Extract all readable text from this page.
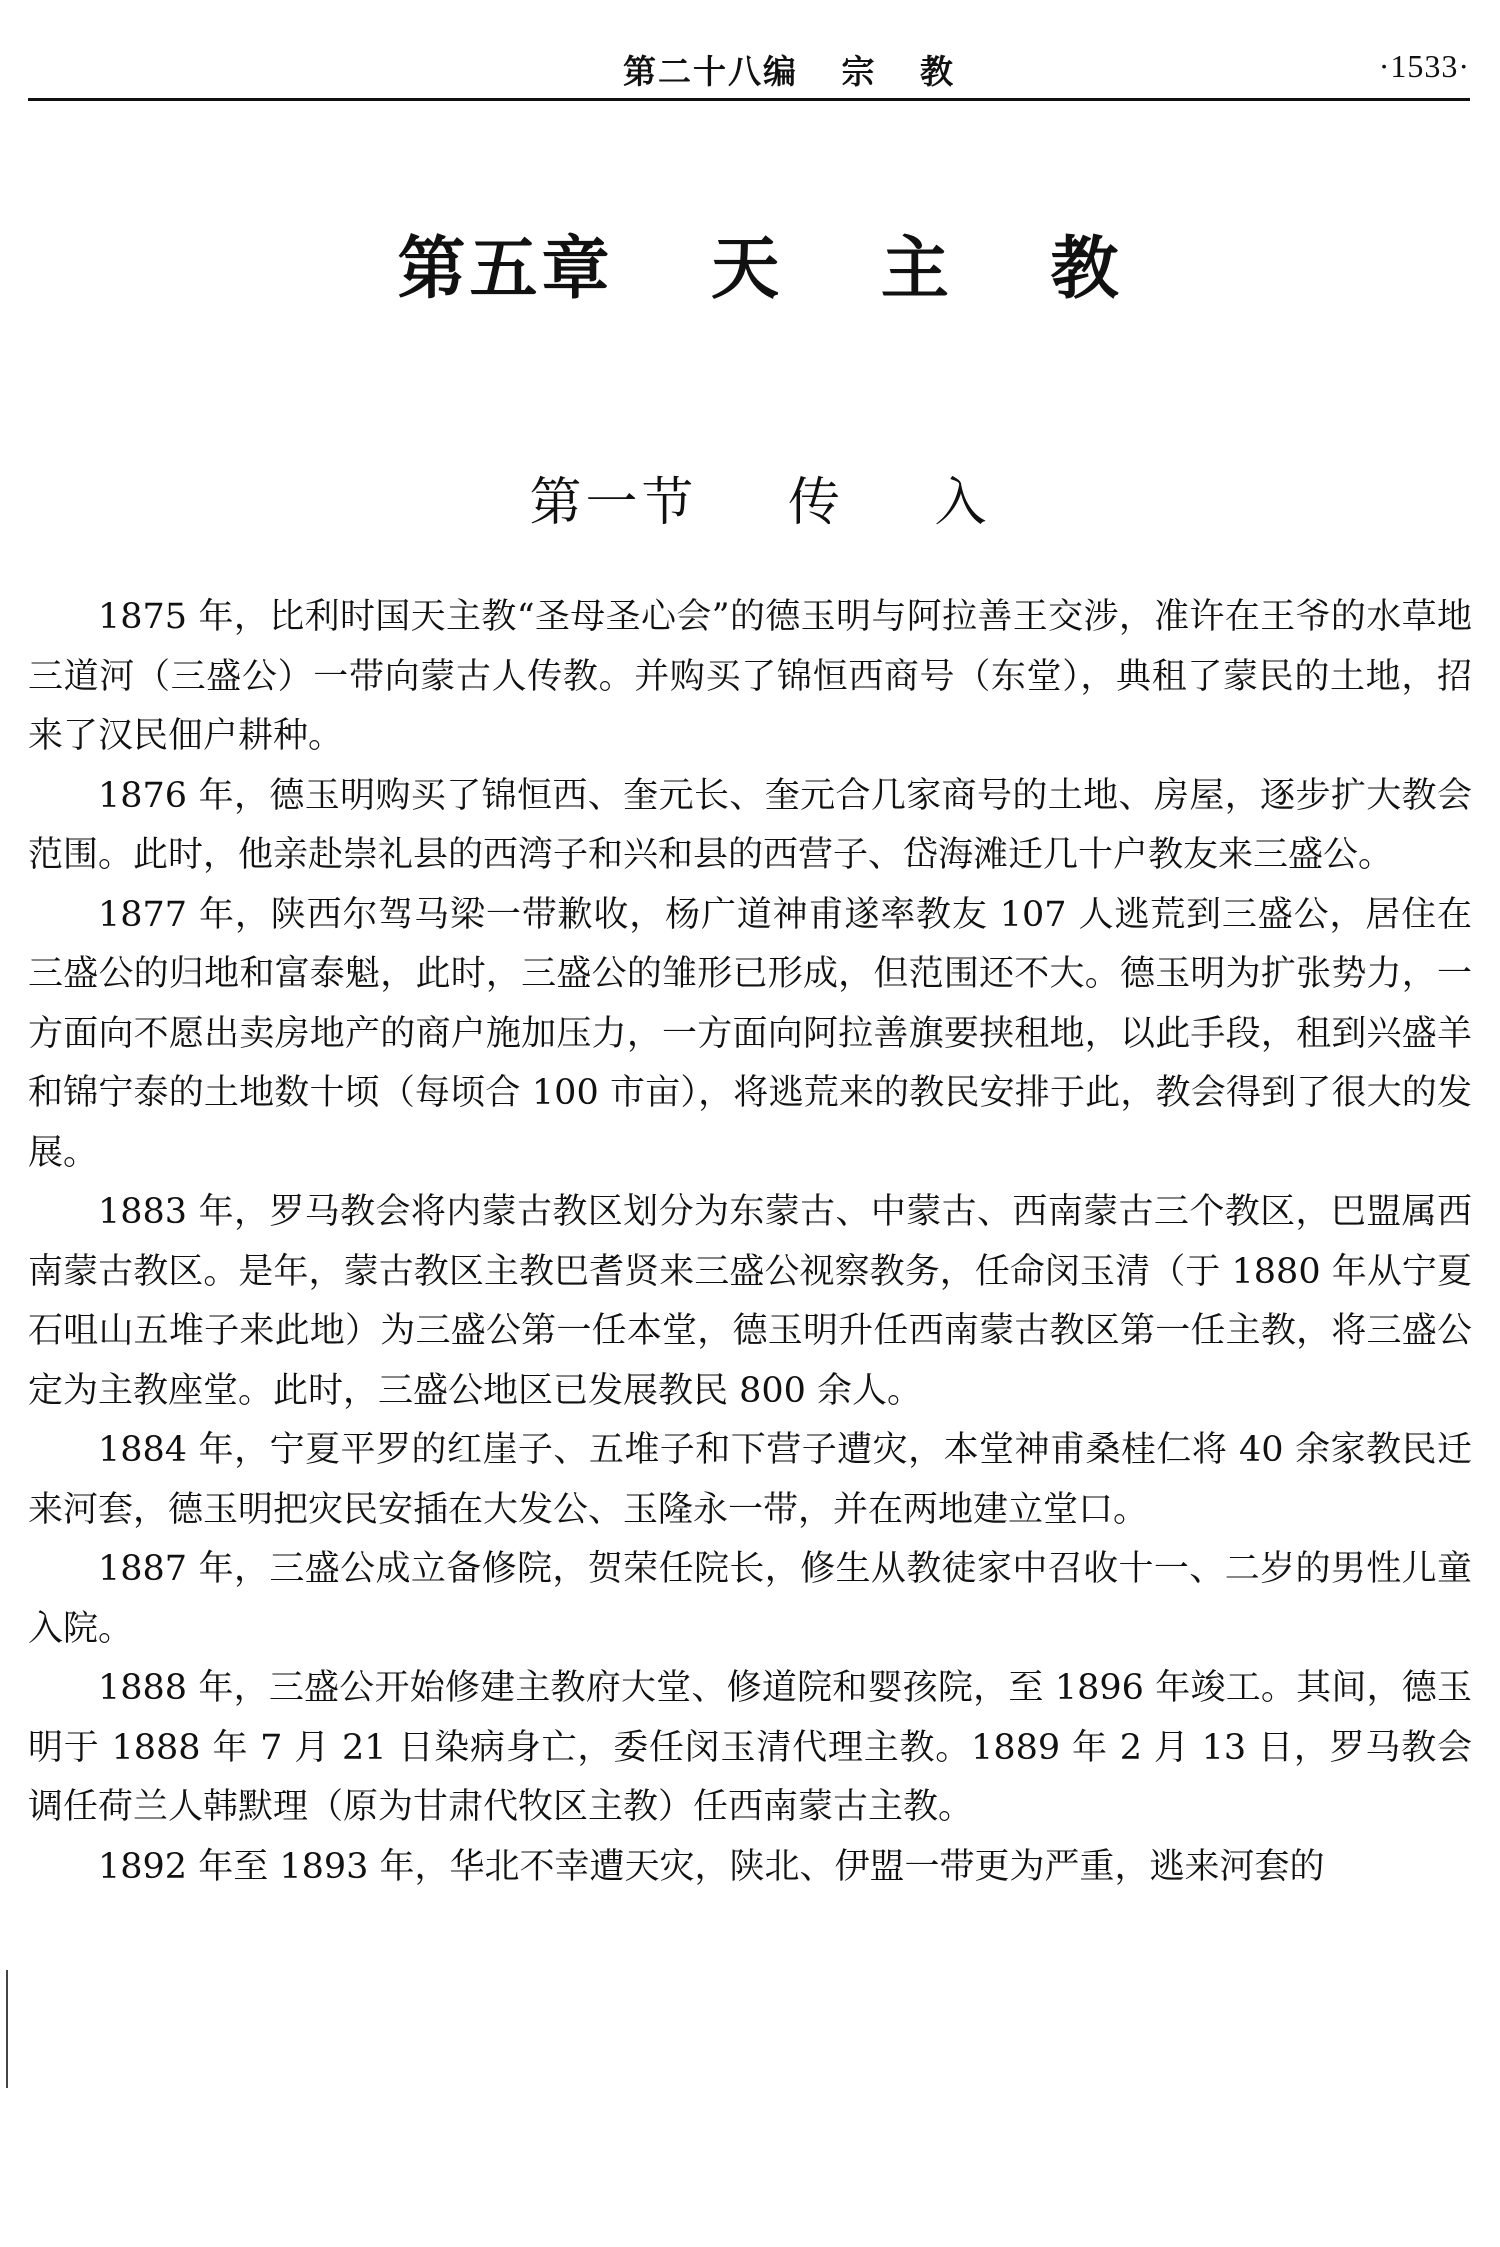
第二十八编 宗 教	·1533·
第五章 天 主 教
第一节 传 入

1875 年，比利时国天主教“圣母圣心会”的德玉明与阿拉善王交涉，准许在王爷的水草地三道河（三盛公）一带向蒙古人传教。并购买了锦恒西商号（东堂），典租了蒙民的土地，招来了汉民佃户耕种。

1876 年，德玉明购买了锦恒西、奎元长、奎元合几家商号的土地、房屋，逐步扩大教会范围。此时，他亲赴崇礼县的西湾子和兴和县的西营子、岱海滩迁几十户教友来三盛公。

1877 年，陕西尔驾马梁一带歉收，杨广道神甫遂率教友 107 人逃荒到三盛公，居住在三盛公的归地和富泰魁，此时，三盛公的雏形已形成，但范围还不大。德玉明为扩张势力，一方面向不愿出卖房地产的商户施加压力，一方面向阿拉善旗要挟租地，以此手段，租到兴盛羊和锦宁泰的土地数十顷（每顷合 100 市亩），将逃荒来的教民安排于此，教会得到了很大的发展。

1883 年，罗马教会将内蒙古教区划分为东蒙古、中蒙古、西南蒙古三个教区，巴盟属西南蒙古教区。是年，蒙古教区主教巴耆贤来三盛公视察教务，任命闵玉清（于 1880 年从宁夏石咀山五堆子来此地）为三盛公第一任本堂，德玉明升任西南蒙古教区第一任主教，将三盛公定为主教座堂。此时，三盛公地区已发展教民 800 余人。

1884 年，宁夏平罗的红崖子、五堆子和下营子遭灾，本堂神甫桑桂仁将 40 余家教民迁来河套，德玉明把灾民安插在大发公、玉隆永一带，并在两地建立堂口。

1887 年，三盛公成立备修院，贺荣任院长，修生从教徒家中召收十一、二岁的男性儿童入院。

1888 年，三盛公开始修建主教府大堂、修道院和婴孩院，至 1896 年竣工。其间，德玉明于 1888 年 7 月 21 日染病身亡，委任闵玉清代理主教。1889 年 2 月 13 日，罗马教会调任荷兰人韩默理（原为甘肃代牧区主教）任西南蒙古主教。

1892 年至 1893 年，华北不幸遭天灾，陕北、伊盟一带更为严重，逃来河套的
